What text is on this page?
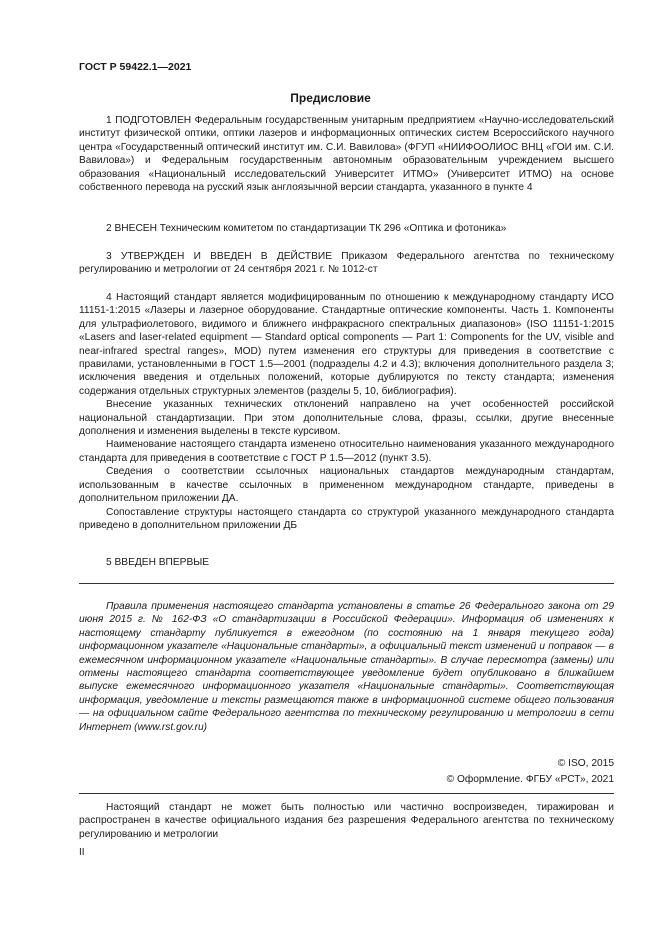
ГОСТ Р 59422.1—2021
Предисловие

1 ПОДГОТОВЛЕН Федеральным государственным унитарным предприятием «Научно-исследовательский институт физической оптики, оптики лазеров и информационных оптических систем Всероссийского научного центра «Государственный оптический институт им. С.И. Вавилова» (ФГУП «НИИФООЛИОС ВНЦ «ГОИ им. С.И. Вавилова») и Федеральным государственным автономным образовательным учреждением высшего образования «Национальный исследовательский Университет ИТМО» (Университет ИТМО) на основе собственного перевода на русский язык англоязычной версии стандарта, указанного в пункте 4

2 ВНЕСЕН Техническим комитетом по стандартизации ТК 296 «Оптика и фотоника»

3 УТВЕРЖДЕН И ВВЕДЕН В ДЕЙСТВИЕ Приказом Федерального агентства по техническому регулированию и метрологии от 24 сентября 2021 г. № 1012-ст

4 Настоящий стандарт является модифицированным по отношению к международному стандарту ИСО 11151-1:2015 «Лазеры и лазерное оборудование. Стандартные оптические компоненты. Часть 1. Компоненты для ультрафиолетового, видимого и ближнего инфракрасного спектральных диапазонов» (ISO 11151-1:2015 «Lasers and laser-related equipment — Standard optical components — Part 1: Components for the UV, visible and near-infrared spectral ranges», MOD) путем изменения его структуры для приведения в соответствие с правилами, установленными в ГОСТ 1.5—2001 (подразделы 4.2 и 4.3); включения дополнительного раздела 3; исключения введения и отдельных положений, которые дублируются по тексту стандарта; изменения содержания отдельных структурных элементов (разделы 5, 10, библиография).

Внесение указанных технических отклонений направлено на учет особенностей российской национальной стандартизации. При этом дополнительные слова, фразы, ссылки, другие внесенные дополнения и изменения выделены в тексте курсивом.

Наименование настоящего стандарта изменено относительно наименования указанного международного стандарта для приведения в соответствие с ГОСТ Р 1.5—2012 (пункт 3.5).

Сведения о соответствии ссылочных национальных стандартов международным стандартам, использованным в качестве ссылочных в примененном международном стандарте, приведены в дополнительном приложении ДА.

Сопоставление структуры настоящего стандарта со структурой указанного международного стандарта приведено в дополнительном приложении ДБ

5 ВВЕДЕН ВПЕРВЫЕ

Правила применения настоящего стандарта установлены в статье 26 Федерального закона от 29 июня 2015 г. № 162-ФЗ «О стандартизации в Российской Федерации». Информация об изменениях к настоящему стандарту публикуется в ежегодном (по состоянию на 1 января текущего года) информационном указателе «Национальные стандарты», а официальный текст изменений и поправок — в ежемесячном информационном указателе «Национальные стандарты». В случае пересмотра (замены) или отмены настоящего стандарта соответствующее уведомление будет опубликовано в ближайшем выпуске ежемесячного информационного указателя «Национальные стандарты». Соответствующая информация, уведомление и тексты размещаются также в информационной системе общего пользования — на официальном сайте Федерального агентства по техническому регулированию и метрологии в сети Интернет (www.rst.gov.ru)

© ISO, 2015
© Оформление. ФГБУ «РСТ», 2021

Настоящий стандарт не может быть полностью или частично воспроизведен, тиражирован и распространен в качестве официального издания без разрешения Федерального агентства по техническому регулированию и метрологии

II
